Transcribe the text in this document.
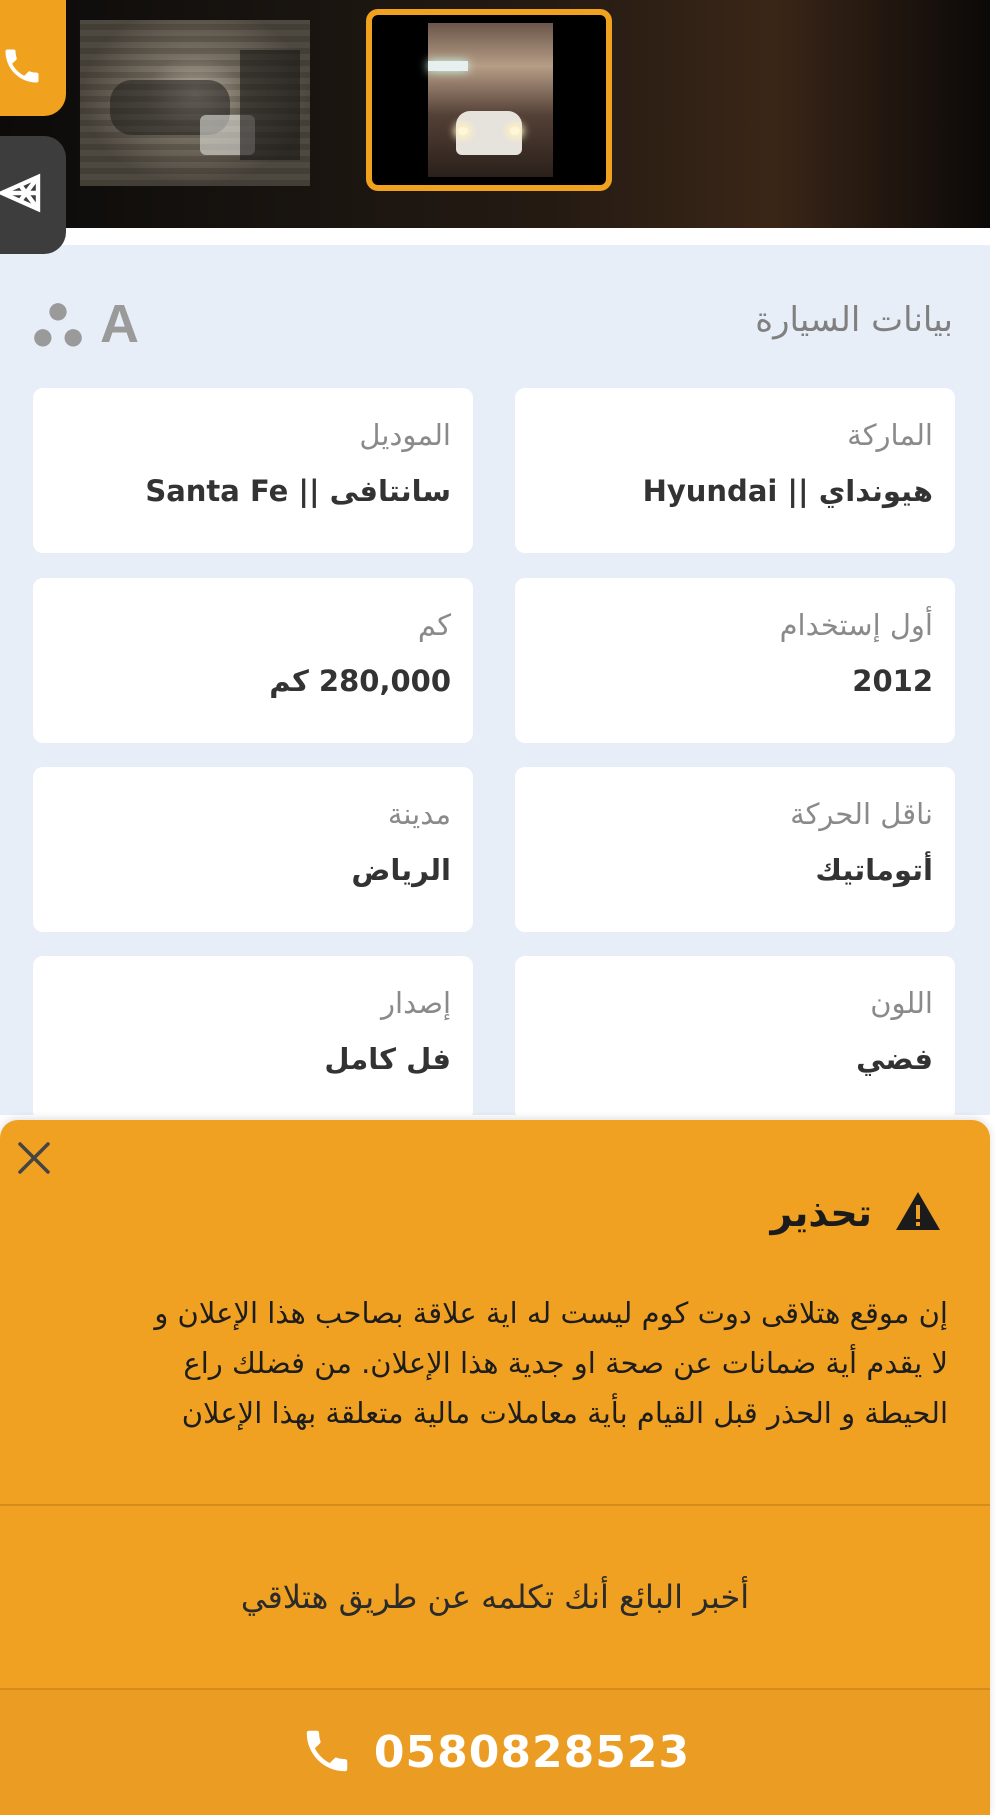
بيانات السيارة
A
الماركة
هيونداي || Hyundai
الموديل
سانتافى || Santa Fe
أول إستخدام
2012
كم
280,000 كم
ناقل الحركة
أتوماتيك
مدينة
الرياض
اللون
فضي
إصدار
فل كامل
تحذير
إن موقع هتلاقى دوت كوم ليست له اية علاقة بصاحب هذا الإعلان و
لا يقدم أية ضمانات عن صحة او جدية هذا الإعلان. من فضلك راع
الحيطة و الحذر قبل القيام بأية معاملات مالية متعلقة بهذا الإعلان
أخبر البائع أنك تكلمه عن طريق هتلاقي
0580828523
